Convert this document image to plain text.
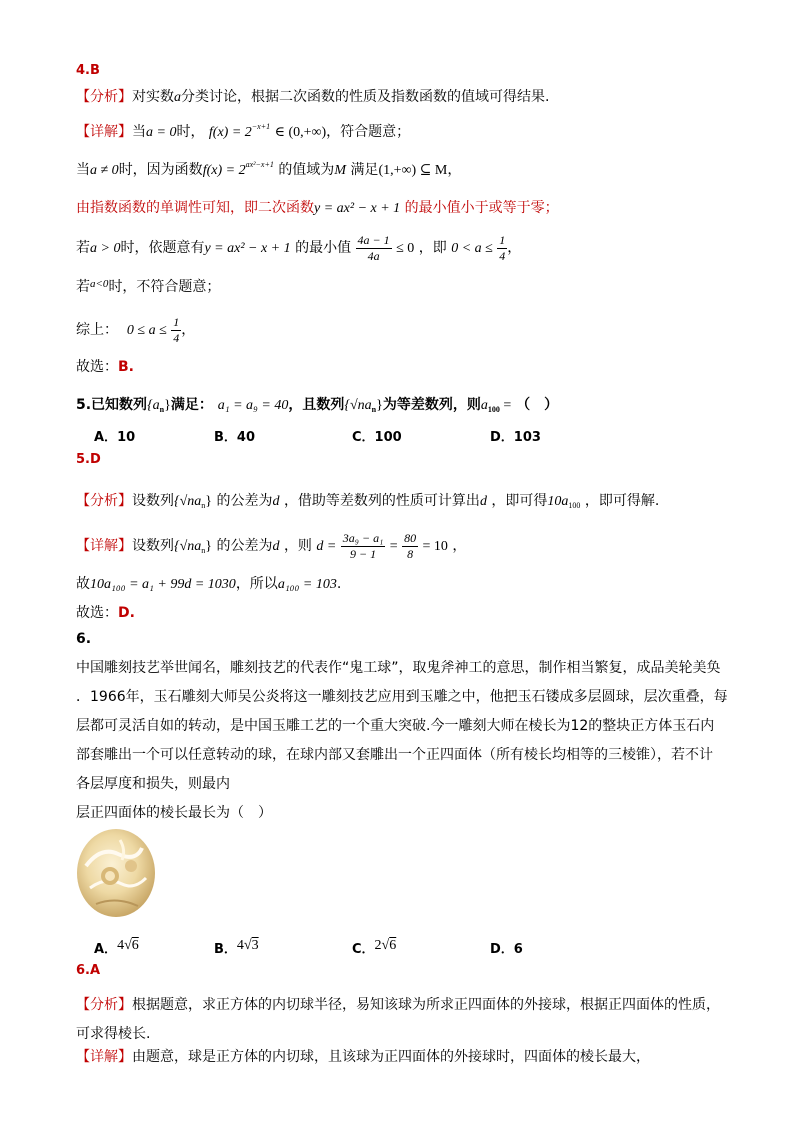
4.B
【分析】对实数a分类讨论，根据二次函数的性质及指数函数的值域可得结果.
【详解】当a = 0时， $f(x) = 2^{-x+1}$ ∈ (0,+∞)，符合题意；
当a ≠ 0时，因为函数$f(x) = 2^{ax^2-x+1}$ 的值域为M 满足(1,+∞) ⊆ M，
由指数函数的单调性可知，即二次函数y = ax² − x + 1 的最小值小于或等于零；
若a > 0时，依题意有y = ax² − x + 1 的最小值 $\frac{4a - 1}{4a} \le 0$ ，即 $0 < a \le \frac{1}{4}$ ，
若$^{a<0}$时，不符合题意；
综上： $0 \le a \le \frac{1}{4}$ ，
故选：B.
5.已知数列$\{a_n\}$满足： a₁ = a₉ = 40，且数列$\{√na_n\}$为等差数列，则$a_{100}$ = （　）
A．10	B．40	C．100	D．103
5.D
【分析】设数列$\{√na_n\}$ 的公差为d ，借助等差数列的性质可计算出d ，即可得$10a_{100}$ ，即可得解.
【详解】设数列$\{√na_n\}$ 的公差为d ，则 $d = \frac{\text{3a₉ − a₁}}{9 - 1} = \frac{80}{8} = 10$ ，
故10a₁₀₀ = a₁ + 99d = 1030，所以a₁₀₀ = 103.
故选：D.
6.
中国雕刻技艺举世闻名，雕刻技艺的代表作“鬼工球”，取鬼斧神工的意思，制作相当繁复，成品美轮美奂
．1966年，玉石雕刻大师吴公炎将这一雕刻技艺应用到玉雕之中，他把玉石镂成多层圆球，层次重叠，每
层都可灵活自如的转动，是中国玉雕工艺的一个重大突破.今一雕刻大师在棱长为12的整块正方体玉石内
部套雕出一个可以任意转动的球，在球内部又套雕出一个正四面体（所有棱长均相等的三棱锥），若不计
各层厚度和损失，则最内
层正四面体的棱长最长为（　）
A．4√6	B．4√3	C．2√6	D．6
6.A
【分析】根据题意，求正方体的内切球半径，易知该球为所求正四面体的外接球，根据正四面体的性质，
可求得棱长.
【详解】由题意，球是正方体的内切球，且该球为正四面体的外接球时，四面体的棱长最大，
